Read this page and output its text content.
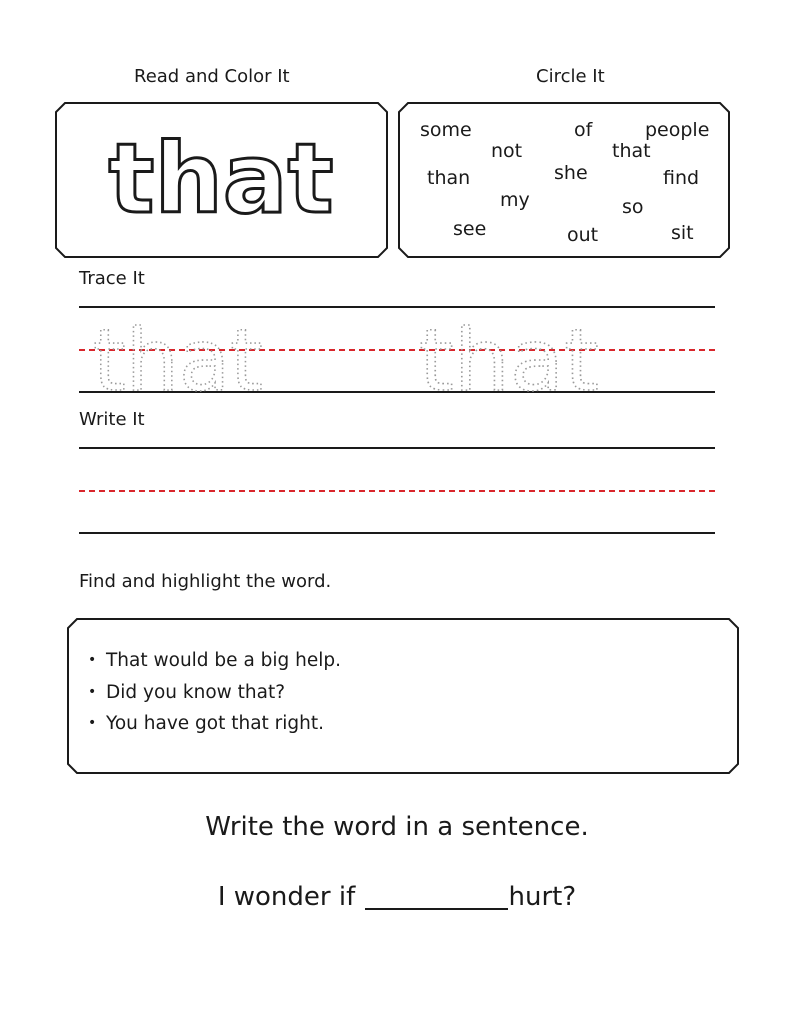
Read and Color It	Circle It
that	some	of	people
not	that
than	she	find
my	so
see	out	sit
Trace It
that that
Write It
Find and highlight the word.
• That would be a big help.
• Did you know that?
• You have got that right.
Write the word in a sentence.
I wonder if	hurt?
